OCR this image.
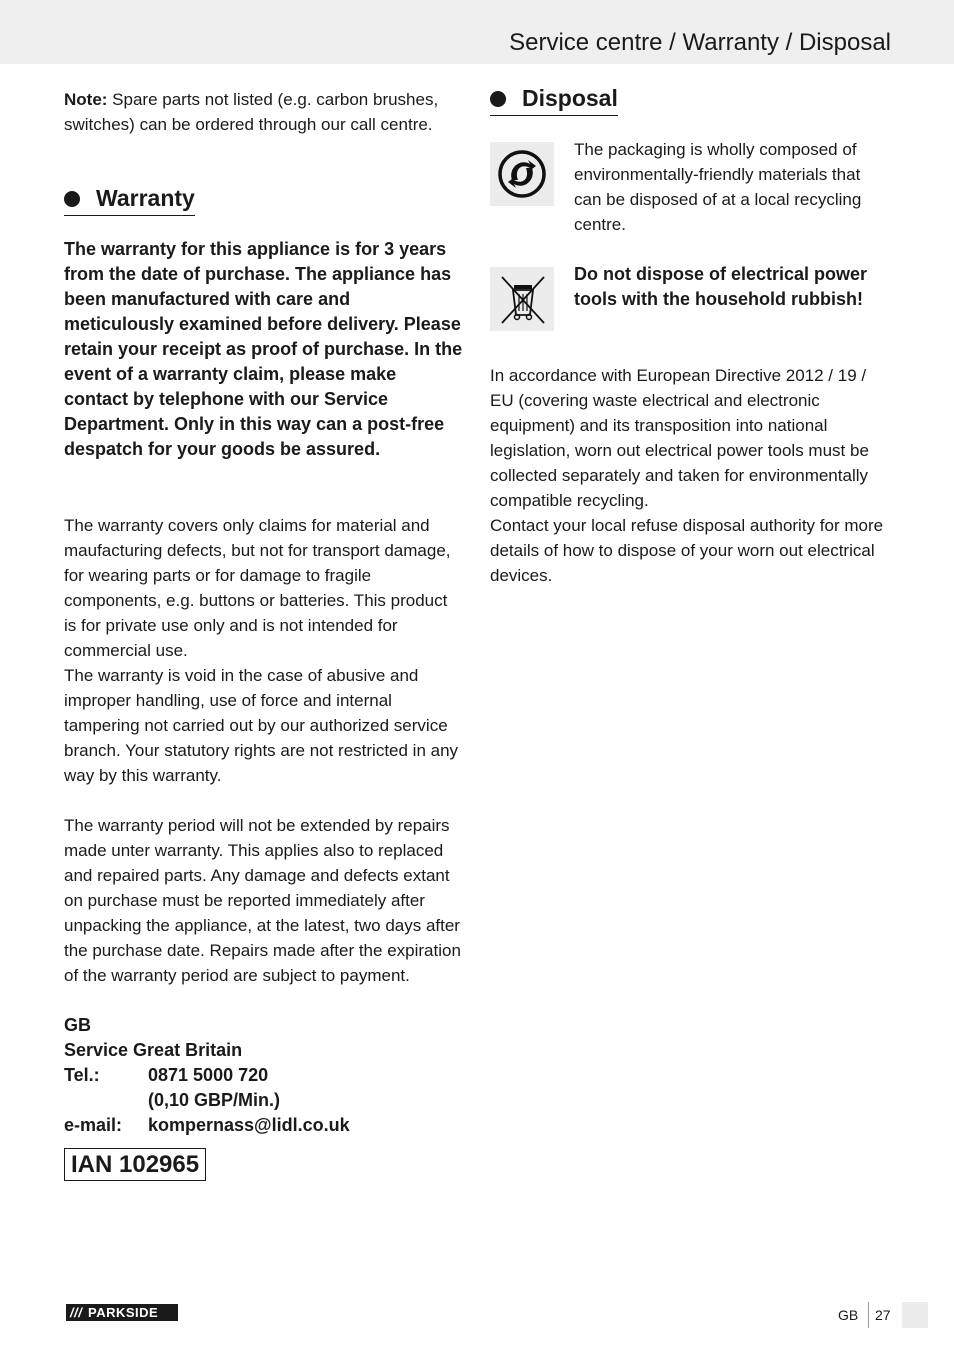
Service centre / Warranty / Disposal

Note: Spare parts not listed (e.g. carbon brushes, switches) can be ordered through our call centre.

Warranty

The warranty for this appliance is for 3 years from the date of purchase. The appliance has been manufactured with care and meticulously examined before delivery. Please retain your receipt as proof of purchase. In the event of a warranty claim, please make contact by telephone with our Service Department. Only in this way can a post-free despatch for your goods be assured.

The warranty covers only claims for material and maufacturing defects, but not for transport damage, for wearing parts or for damage to fragile components, e.g. buttons or batteries. This product is for private use only and is not intended for commercial use.

The warranty is void in the case of abusive and improper handling, use of force and internal tampering not carried out by our authorized service branch. Your statutory rights are not restricted in any way by this warranty.

The warranty period will not be extended by repairs made unter warranty. This applies also to replaced and repaired parts. Any damage and defects extant on purchase must be reported immediately after unpacking the appliance, at the latest, two days after the purchase date. Repairs made after the expiration of the warranty period are subject to payment.

GB
Service Great Britain
Tel.:	0871 5000 720
(0,10 GBP/Min.)
e-mail:	kompernass@lidl.co.uk
IAN 102965
Disposal

The packaging is wholly composed of environmentally-friendly materials that can be disposed of at a local recycling centre.

Do not dispose of electrical power tools with the household rubbish!

In accordance with European Directive 2012 / 19 / EU (covering waste electrical and electronic equipment) and its transposition into national legislation, worn out electrical power tools must be collected separately and taken for environmentally compatible recycling.

Contact your local refuse disposal authority for more details of how to dispose of your worn out electrical devices.

/// PARKSIDE	GB 27
